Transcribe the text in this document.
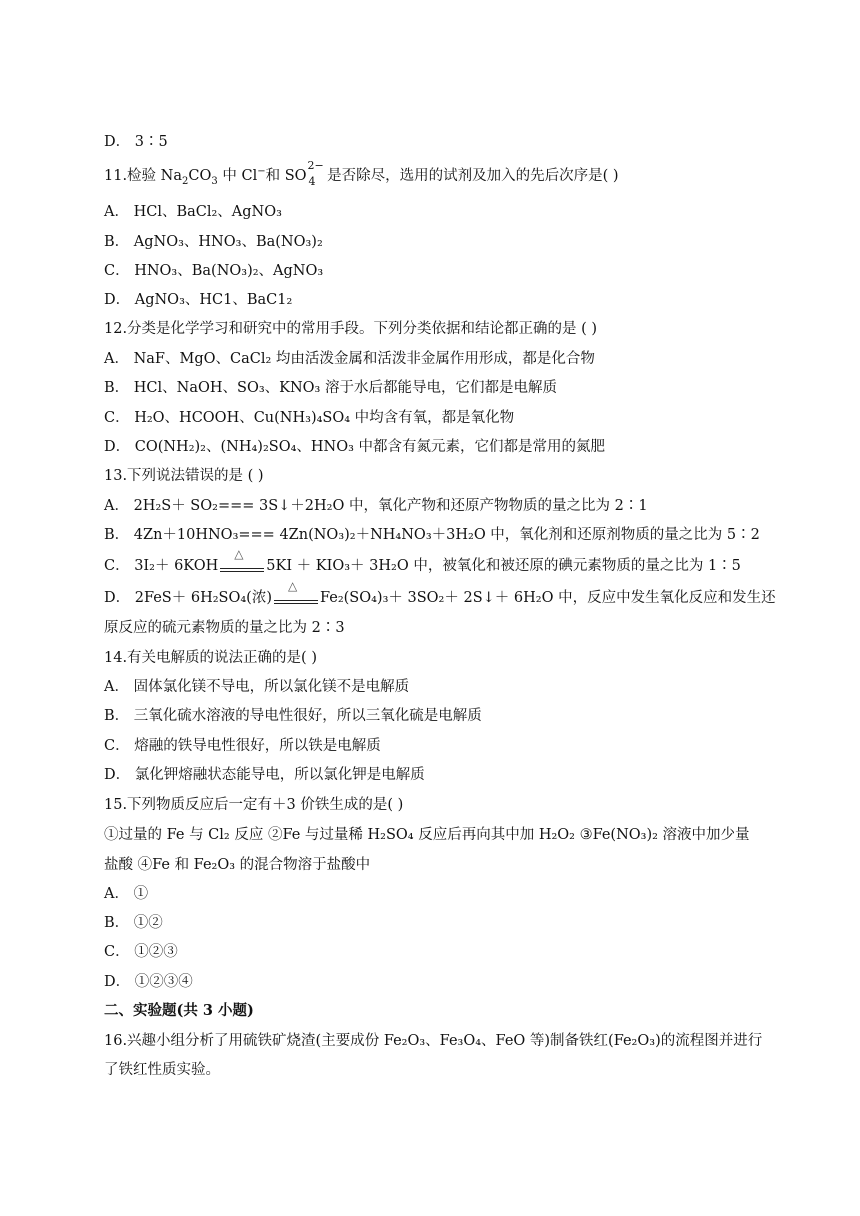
D． 3∶5
11.检验 $Na_2CO_3$ 中 Cl−和 SO
2−
4 是否除尽，选用的试剂及加入的先后次序是( )
A． HCl、BaCl₂、AgNO₃
B． AgNO₃、HNO₃、Ba(NO₃)₂
C． HNO₃、Ba(NO₃)₂、AgNO₃
D． AgNO₃、HC1、BaC1₂
12.分类是化学学习和研究中的常用手段。下列分类依据和结论都正确的是 ( )
A． NaF、MgO、CaCl₂ 均由活泼金属和活泼非金属作用形成，都是化合物
B． HCl、NaOH、SO₃、KNO₃ 溶于水后都能导电，它们都是电解质
C． H₂O、HCOOH、Cu(NH₃)₄SO₄ 中均含有氧，都是氧化物
D． CO(NH₂)₂、(NH₄)₂SO₄、HNO₃ 中都含有氮元素，它们都是常用的氮肥
13.下列说法错误的是 ( )
A． 2H₂S＋ SO₂=== 3S↓＋2H₂O 中，氧化产物和还原产物物质的量之比为 2∶1
B． 4Zn＋10HNO₃=== 4Zn(NO₃)₂＋NH₄NO₃＋3H₂O 中，氧化剂和还原剂物质的量之比为 5∶2
C． 3I₂＋ 6KOH
△
5KI ＋ KIO₃＋ 3H₂O 中，被氧化和被还原的碘元素物质的量之比为 1∶5
D． 2FeS＋ 6H₂SO₄(浓)
△
Fe₂(SO₄)₃＋ 3SO₂＋ 2S↓＋ 6H₂O 中，反应中发生氧化反应和发生还
原反应的硫元素物质的量之比为 2∶3
14.有关电解质的说法正确的是( )
A． 固体氯化镁不导电，所以氯化镁不是电解质
B． 三氧化硫水溶液的导电性很好，所以三氧化硫是电解质
C． 熔融的铁导电性很好，所以铁是电解质
D． 氯化钾熔融状态能导电，所以氯化钾是电解质
15.下列物质反应后一定有＋3 价铁生成的是( )
①过量的 Fe 与 Cl₂ 反应 ②Fe 与过量稀 H₂SO₄ 反应后再向其中加 H₂O₂ ③Fe(NO₃)₂ 溶液中加少量
盐酸 ④Fe 和 Fe₂O₃ 的混合物溶于盐酸中
A． ①
B． ①②
C． ①②③
D． ①②③④
二、实验题(共 3 小题)
16.兴趣小组分析了用硫铁矿烧渣(主要成份 Fe₂O₃、Fe₃O₄、FeO 等)制备铁红(Fe₂O₃)的流程图并进行
了铁红性质实验。
